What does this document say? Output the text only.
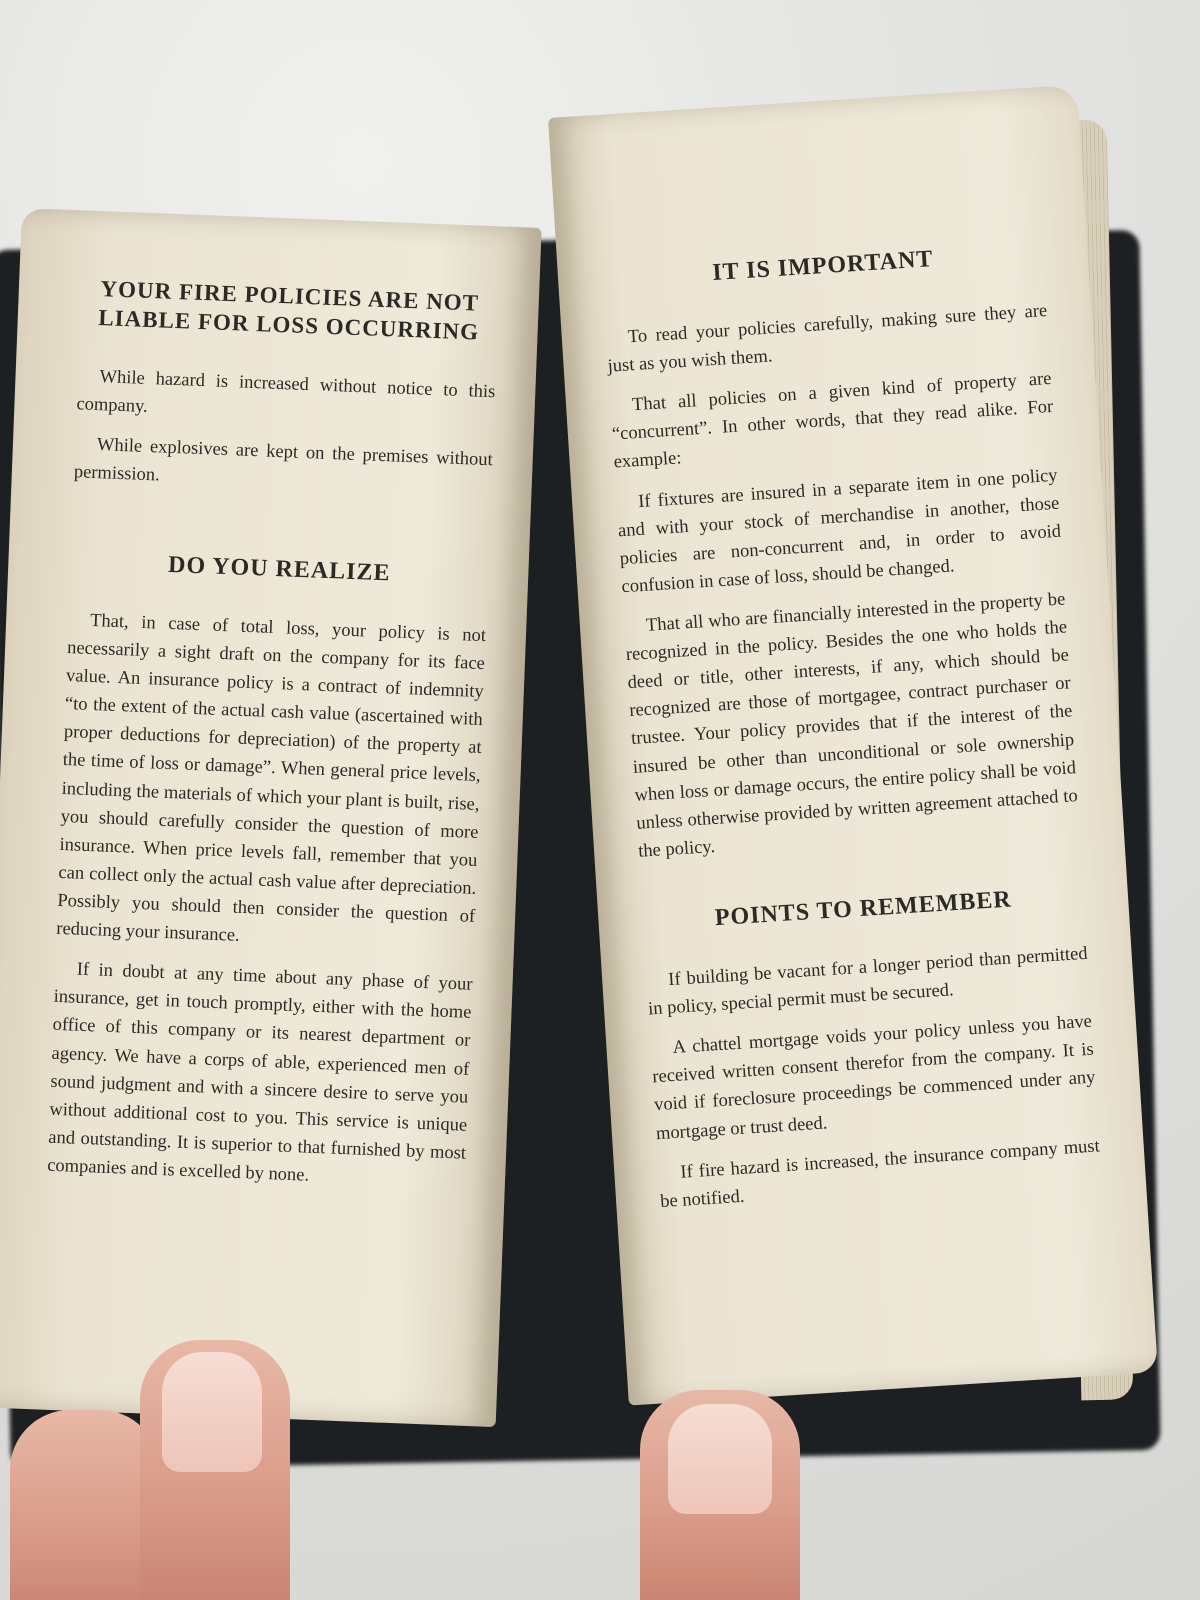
YOUR FIRE POLICIES ARE NOT LIABLE FOR LOSS OCCURRING

While hazard is increased without notice to this company.

While explosives are kept on the premises without permission.

DO YOU REALIZE

That, in case of total loss, your policy is not necessarily a sight draft on the company for its face value. An insurance policy is a contract of indemnity “to the extent of the actual cash value (ascertained with proper deductions for depreciation) of the property at the time of loss or damage”. When general price levels, including the materials of which your plant is built, rise, you should carefully consider the question of more insurance. When price levels fall, remember that you can collect only the actual cash value after depreciation. Possibly you should then consider the question of reducing your insurance.

If in doubt at any time about any phase of your insurance, get in touch promptly, either with the home office of this company or its nearest department or agency. We have a corps of able, experienced men of sound judgment and with a sincere desire to serve you without additional cost to you. This service is unique and outstanding. It is superior to that furnished by most companies and is excelled by none.

IT IS IMPORTANT

To read your policies carefully, making sure they are just as you wish them.

That all policies on a given kind of property are “concurrent”. In other words, that they read alike. For example:

If fixtures are insured in a separate item in one policy and with your stock of merchandise in another, those policies are non-concurrent and, in order to avoid confusion in case of loss, should be changed.

That all who are financially interested in the property be recognized in the policy. Besides the one who holds the deed or title, other interests, if any, which should be recognized are those of mortgagee, contract purchaser or trustee. Your policy provides that if the interest of the insured be other than unconditional or sole ownership when loss or damage occurs, the entire policy shall be void unless otherwise provided by written agreement attached to the policy.

POINTS TO REMEMBER

If building be vacant for a longer period than permitted in policy, special permit must be secured.

A chattel mortgage voids your policy unless you have received written consent therefor from the company. It is void if foreclosure proceedings be commenced under any mortgage or trust deed.

If fire hazard is increased, the insurance company must be notified.
